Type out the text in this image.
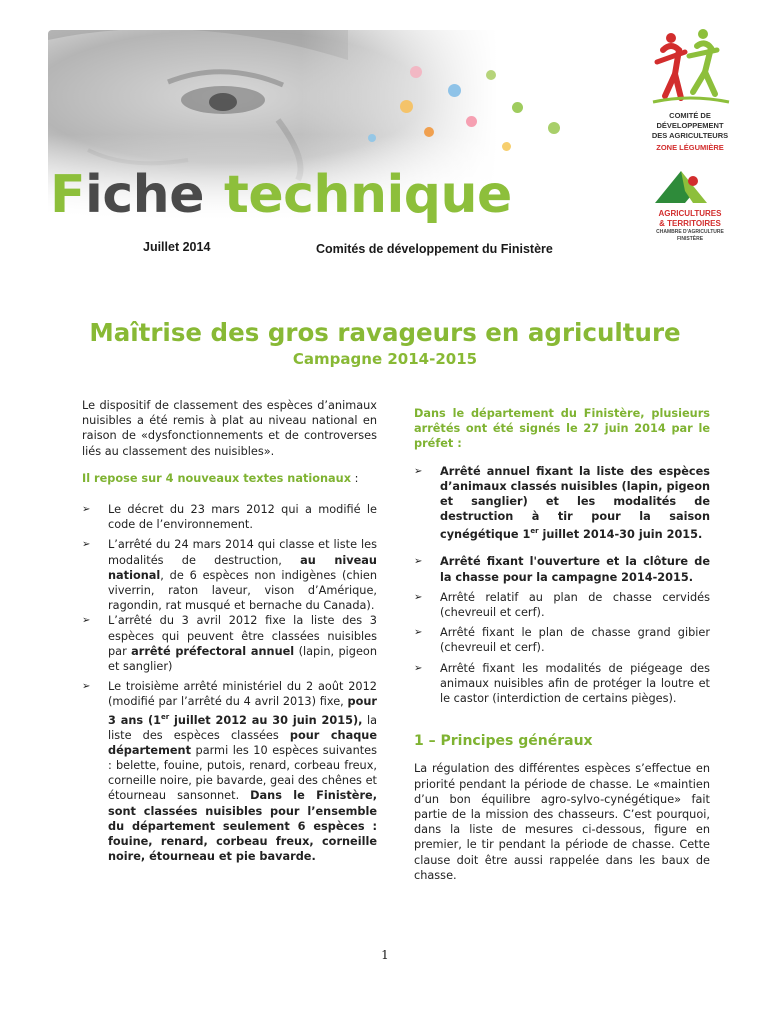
Fiche technique
Juillet 2014	Comités de développement du Finistère
COMITÉ DE
DÉVELOPPEMENT
DES AGRICULTEURS
ZONE LÉGUMIÈRE
AGRICULTURES
& TERRITOIRES
CHAMBRE D'AGRICULTURE
FINISTÈRE
Maîtrise des gros ravageurs en agriculture
Campagne 2014-2015

Le dispositif de classement des espèces d’animaux nuisibles a été remis à plat au niveau national en raison de «dysfonctionnements et de controverses liés au classement des nuisibles».

Il repose sur 4 nouveaux textes nationaux :

➢ Le décret du 23 mars 2012 qui a modifié le code de l’environnement.
➢ L’arrêté du 24 mars 2014 qui classe et liste les modalités de destruction, au niveau national, de 6 espèces non indigènes (chien viverrin, raton laveur, vison d’Amérique, ragondin, rat musqué et bernache du Canada).
➢ L’arrêté du 3 avril 2012 fixe la liste des 3 espèces qui peuvent être classées nuisibles par arrêté préfectoral annuel (lapin, pigeon et sanglier)
➢ Le troisième arrêté ministériel du 2 août 2012 (modifié par l’arrêté du 4 avril 2013) fixe, pour 3 ans (1er juillet 2012 au 30 juin 2015), la liste des espèces classées pour chaque département parmi les 10 espèces suivantes : belette, fouine, putois, renard, corbeau freux, corneille noire, pie bavarde, geai des chênes et étourneau sansonnet. Dans le Finistère, sont classées nuisibles pour l’ensemble du département seulement 6 espèces : fouine, renard, corbeau freux, corneille noire, étourneau et pie bavarde.

Dans le département du Finistère, plusieurs arrêtés ont été signés le 27 juin 2014 par le préfet :

➢ Arrêté annuel fixant la liste des espèces d’animaux classés nuisibles (lapin, pigeon et sanglier) et les modalités de destruction à tir pour la saison cynégétique 1er juillet 2014-30 juin 2015.
➢ Arrêté fixant l'ouverture et la clôture de la chasse pour la campagne 2014-2015.
➢ Arrêté relatif au plan de chasse cervidés (chevreuil et cerf).
➢ Arrêté fixant le plan de chasse grand gibier (chevreuil et cerf).
➢ Arrêté fixant les modalités de piégeage des animaux nuisibles afin de protéger la loutre et le castor (interdiction de certains pièges).

1 – Principes généraux

La régulation des différentes espèces s’effectue en priorité pendant la période de chasse. Le «maintien d’un bon équilibre agro-sylvo-cynégétique» fait partie de la mission des chasseurs. C’est pourquoi, dans la liste de mesures ci-dessous, figure en premier, le tir pendant la période de chasse. Cette clause doit être aussi rappelée dans les baux de chasse.

1
